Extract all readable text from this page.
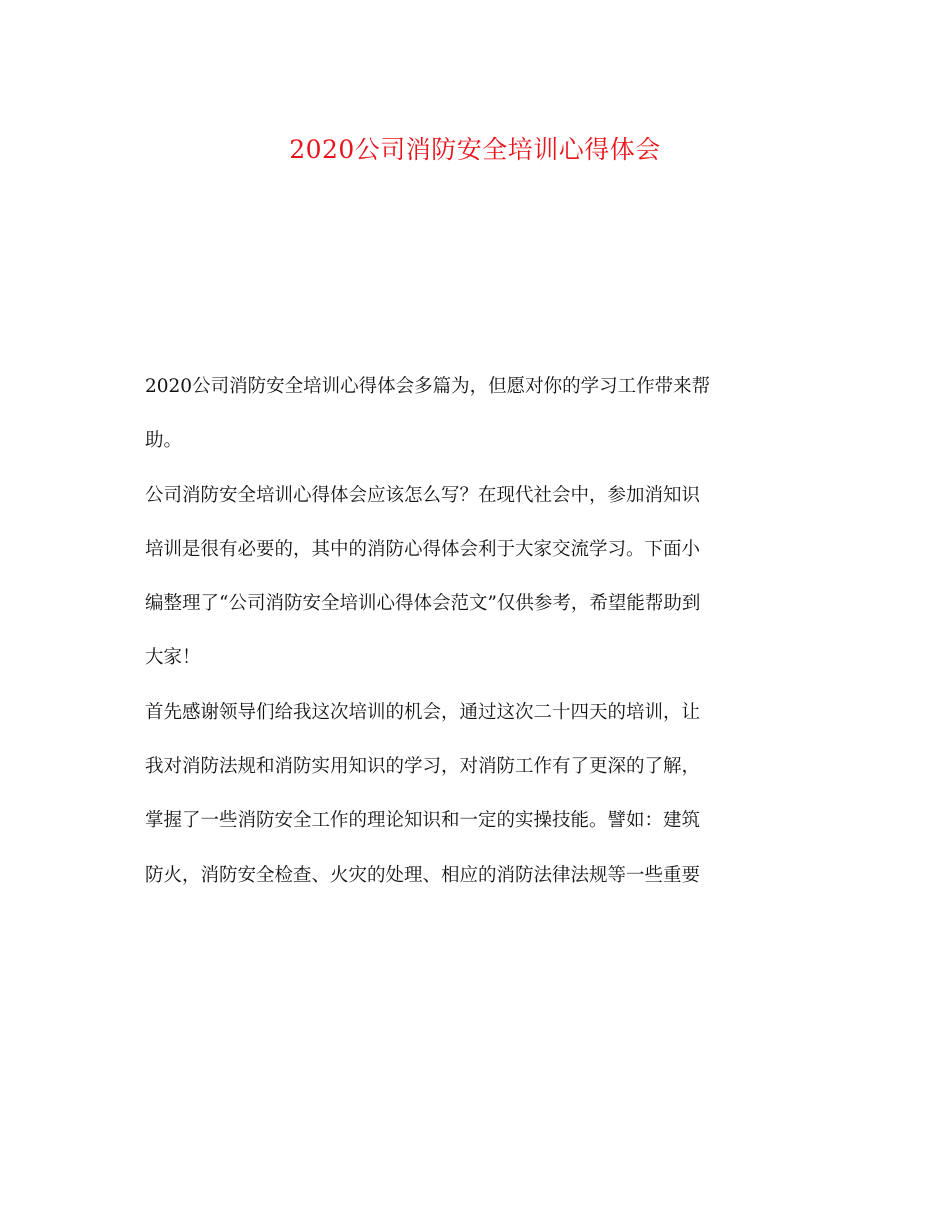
2020公司消防安全培训心得体会

2020公司消防安全培训心得体会多篇为，但愿对你的学习工作带来帮

助。

公司消防安全培训心得体会应该怎么写？在现代社会中，参加消知识

培训是很有必要的，其中的消防心得体会利于大家交流学习。下面小

编整理了“公司消防安全培训心得体会范文”仅供参考，希望能帮助到

大家！

首先感谢领导们给我这次培训的机会，通过这次二十四天的培训，让

我对消防法规和消防实用知识的学习，对消防工作有了更深的了解，

掌握了一些消防安全工作的理论知识和一定的实操技能。譬如：建筑

防火，消防安全检查、火灾的处理、相应的消防法律法规等一些重要
